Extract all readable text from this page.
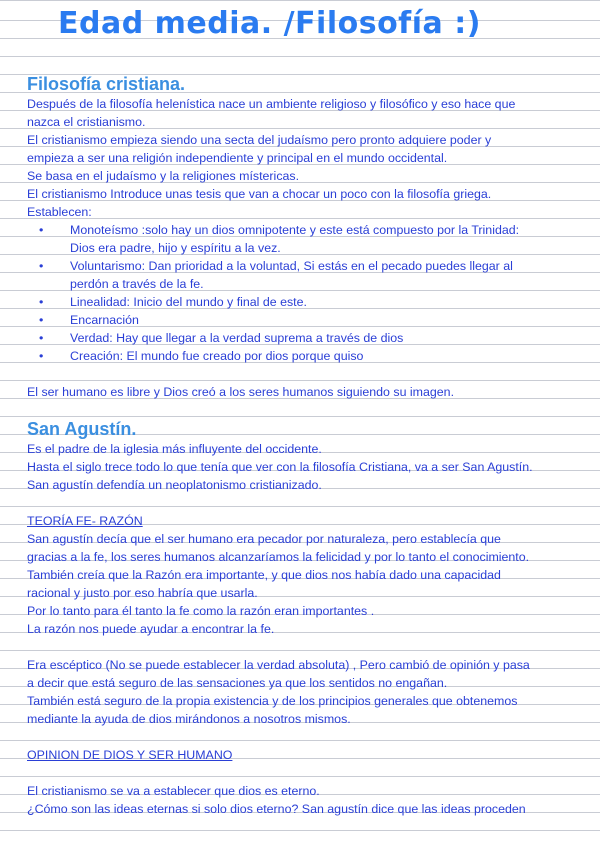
Edad media. /Filosofía :)
Filosofía cristiana.

Después de la filosofía helenística nace un ambiente religioso y filosófico y eso hace que

nazca el cristianismo.

El cristianismo empieza siendo una secta del judaísmo pero pronto adquiere poder y

empieza a ser una religión independiente y principal en el mundo occidental.

Se basa en el judaísmo y la religiones místericas.

El cristianismo Introduce unas tesis que van a chocar un poco con la filosofía griega.

Establecen:

• Monoteísmo :solo hay un dios omnipotente y este está compuesto por la Trinidad:
Dios era padre, hijo y espíritu a la vez.
• Voluntarismo: Dan prioridad a la voluntad, Si estás en el pecado puedes llegar al
perdón a través de la fe.
• Linealidad: Inicio del mundo y final de este.
• Encarnación
• Verdad: Hay que llegar a la verdad suprema a través de dios
• Creación: El mundo fue creado por dios porque quiso

El ser humano es libre y Dios creó a los seres humanos siguiendo su imagen.

San Agustín.

Es el padre de la iglesia más influyente del occidente.

Hasta el siglo trece todo lo que tenía que ver con la filosofía Cristiana, va a ser San Agustín.

San agustín defendía un neoplatonismo cristianizado.

TEORÍA FE- RAZÓN

San agustín decía que el ser humano era pecador por naturaleza, pero establecía que

gracias a la fe, los seres humanos alcanzaríamos la felicidad y por lo tanto el conocimiento.

También creía que la Razón era importante, y que dios nos había dado una capacidad

racional y justo por eso habría que usarla.

Por lo tanto para él tanto la fe como la razón eran importantes .

La razón nos puede ayudar a encontrar la fe.

Era escéptico (No se puede establecer la verdad absoluta) , Pero cambió de opinión y pasa

a decir que está seguro de las sensaciones ya que los sentidos no engañan.

También está seguro de la propia existencia y de los principios generales que obtenemos

mediante la ayuda de dios mirándonos a nosotros mismos.

OPINION DE DIOS Y SER HUMANO

El cristianismo se va a establecer que dios es eterno.

¿Cómo son las ideas eternas si solo dios eterno? San agustín dice que las ideas proceden
